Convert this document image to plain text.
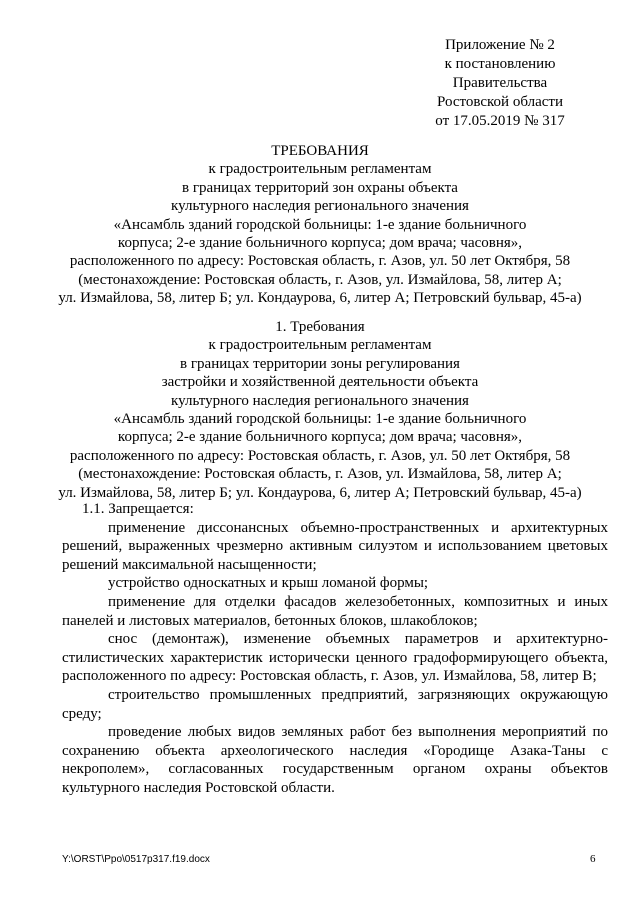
Приложение № 2
к постановлению
Правительства
Ростовской области
от 17.05.2019 № 317
ТРЕБОВАНИЯ
к градостроительным регламентам
в границах территорий зон охраны объекта
культурного наследия регионального значения
«Ансамбль зданий городской больницы: 1-е здание больничного
корпуса; 2-е здание больничного корпуса; дом врача; часовня»,
расположенного по адресу: Ростовская область, г. Азов, ул. 50 лет Октября, 58
(местонахождение: Ростовская область, г. Азов, ул. Измайлова, 58, литер А;
ул. Измайлова, 58, литер Б; ул. Кондаурова, 6, литер А; Петровский бульвар, 45-а)
1. Требования
к градостроительным регламентам
в границах территории зоны регулирования
застройки и хозяйственной деятельности объекта
культурного наследия регионального значения
«Ансамбль зданий городской больницы: 1-е здание больничного
корпуса; 2-е здание больничного корпуса; дом врача; часовня»,
расположенного по адресу: Ростовская область, г. Азов, ул. 50 лет Октября, 58
(местонахождение: Ростовская область, г. Азов, ул. Измайлова, 58, литер А;
ул. Измайлова, 58, литер Б; ул. Кондаурова, 6, литер А; Петровский бульвар, 45-а)

1.1. Запрещается:

применение диссонансных объемно-пространственных и архитектурных решений, выраженных чрезмерно активным силуэтом и использованием цветовых решений максимальной насыщенности;

устройство односкатных и крыш ломаной формы;

применение для отделки фасадов железобетонных, композитных и иных панелей и листовых материалов, бетонных блоков, шлакоблоков;

снос (демонтаж), изменение объемных параметров и архитектурно-стилистических характеристик исторически ценного градоформирующего объекта, расположенного по адресу: Ростовская область, г. Азов, ул. Измайлова, 58, литер В;

строительство промышленных предприятий, загрязняющих окружающую среду;

проведение любых видов земляных работ без выполнения мероприятий по сохранению объекта археологического наследия «Городище Азака-Таны с некрополем», согласованных государственным органом охраны объектов культурного наследия Ростовской области.

Y:\ORST\Ppo\0517p317.f19.docx	6
